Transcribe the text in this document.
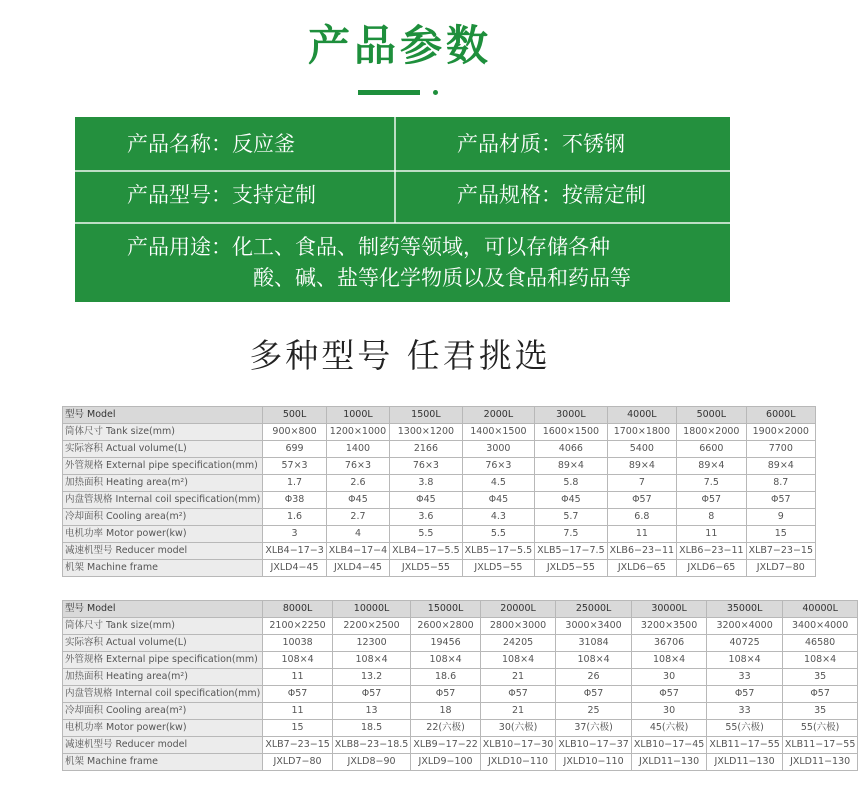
产品参数
产品名称：反应釜	产品材质：不锈钢
产品型号：支持定制	产品规格：按需定制
产品用途：化工、食品、制药等领域，可以存储各种
酸、碱、盐等化学物质以及食品和药品等
多种型号 任君挑选
型号 Model	500L	1000L	1500L	2000L	3000L	4000L	5000L	6000L
筒体尺寸 Tank size(mm)	900×800	1200×1000	1300×1200	1400×1500	1600×1500	1700×1800	1800×2000	1900×2000
实际容积 Actual volume(L)	699	1400	2166	3000	4066	5400	6600	7700
外管规格 External pipe specification(mm)	57×3	76×3	76×3	76×3	89×4	89×4	89×4	89×4
加热面积 Heating area(m²)	1.7	2.6	3.8	4.5	5.8	7	7.5	8.7
内盘管规格 Internal coil specification(mm)	Φ38	Φ45	Φ45	Φ45	Φ45	Φ57	Φ57	Φ57
冷却面积 Cooling area(m²)	1.6	2.7	3.6	4.3	5.7	6.8	8	9
电机功率 Motor power(kw)	3	4	5.5	5.5	7.5	11	11	15
减速机型号 Reducer model	XLB4−17−3	XLB4−17−4	XLB4−17−5.5	XLB5−17−5.5	XLB5−17−7.5	XLB6−23−11	XLB6−23−11	XLB7−23−15
机架 Machine frame	JXLD4−45	JXLD4−45	JXLD5−55	JXLD5−55	JXLD5−55	JXLD6−65	JXLD6−65	JXLD7−80
型号 Model	8000L	10000L	15000L	20000L	25000L	30000L	35000L	40000L
筒体尺寸 Tank size(mm)	2100×2250	2200×2500	2600×2800	2800×3000	3000×3400	3200×3500	3200×4000	3400×4000
实际容积 Actual volume(L)	10038	12300	19456	24205	31084	36706	40725	46580
外管规格 External pipe specification(mm)	108×4	108×4	108×4	108×4	108×4	108×4	108×4	108×4
加热面积 Heating area(m²)	11	13.2	18.6	21	26	30	33	35
内盘管规格 Internal coil specification(mm)	Φ57	Φ57	Φ57	Φ57	Φ57	Φ57	Φ57	Φ57
冷却面积 Cooling area(m²)	11	13	18	21	25	30	33	35
电机功率 Motor power(kw)	15	18.5	22(六极)	30(六极)	37(六极)	45(六极)	55(六极)	55(六极)
减速机型号 Reducer model	XLB7−23−15	XLB8−23−18.5	XLB9−17−22	XLB10−17−30	XLB10−17−37	XLB10−17−45	XLB11−17−55	XLB11−17−55
机架 Machine frame	JXLD7−80	JXLD8−90	JXLD9−100	JXLD10−110	JXLD10−110	JXLD11−130	JXLD11−130	JXLD11−130
